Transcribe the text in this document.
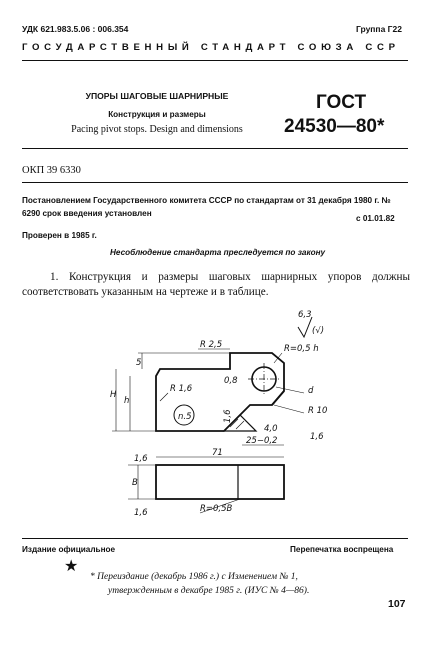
УДК 621.983.5.06 : 006.354	Группа Г22
ГОСУДАРСТВЕННЫЙ СТАНДАРТ СОЮЗА ССР
УПОРЫ ШАГОВЫЕ ШАРНИРНЫЕ
Конструкция и размеры
Pacing pivot stops. Design and dimensions
ГОСТ
24530—80*
ОКП 39 6330
Постановлением Государственного комитета СССР по стандартам от 31 декабря 1980 г. № 6290 срок введения установлен
с 01.01.82
Проверен в 1985 г.
Несоблюдение стандарта преследуется по закону
1. Конструкция и размеры шаговых шарнирных упоров должны соответствовать указанным на чертеже и в таблице.
6,3
(√)
n.5
R 2,5	R=0,5 h
R 1,6
0,8
d
R 10
1,6
4,0
1,6
H
h
5
25−0,2
71
B
1,6
1,6	R=0,5B
Издание официальное	Перепечатка воспрещена
★
* Переиздание (декабрь 1986 г.) с Изменением № 1,
утвержденным в декабре 1985 г. (ИУС № 4—86).
107
